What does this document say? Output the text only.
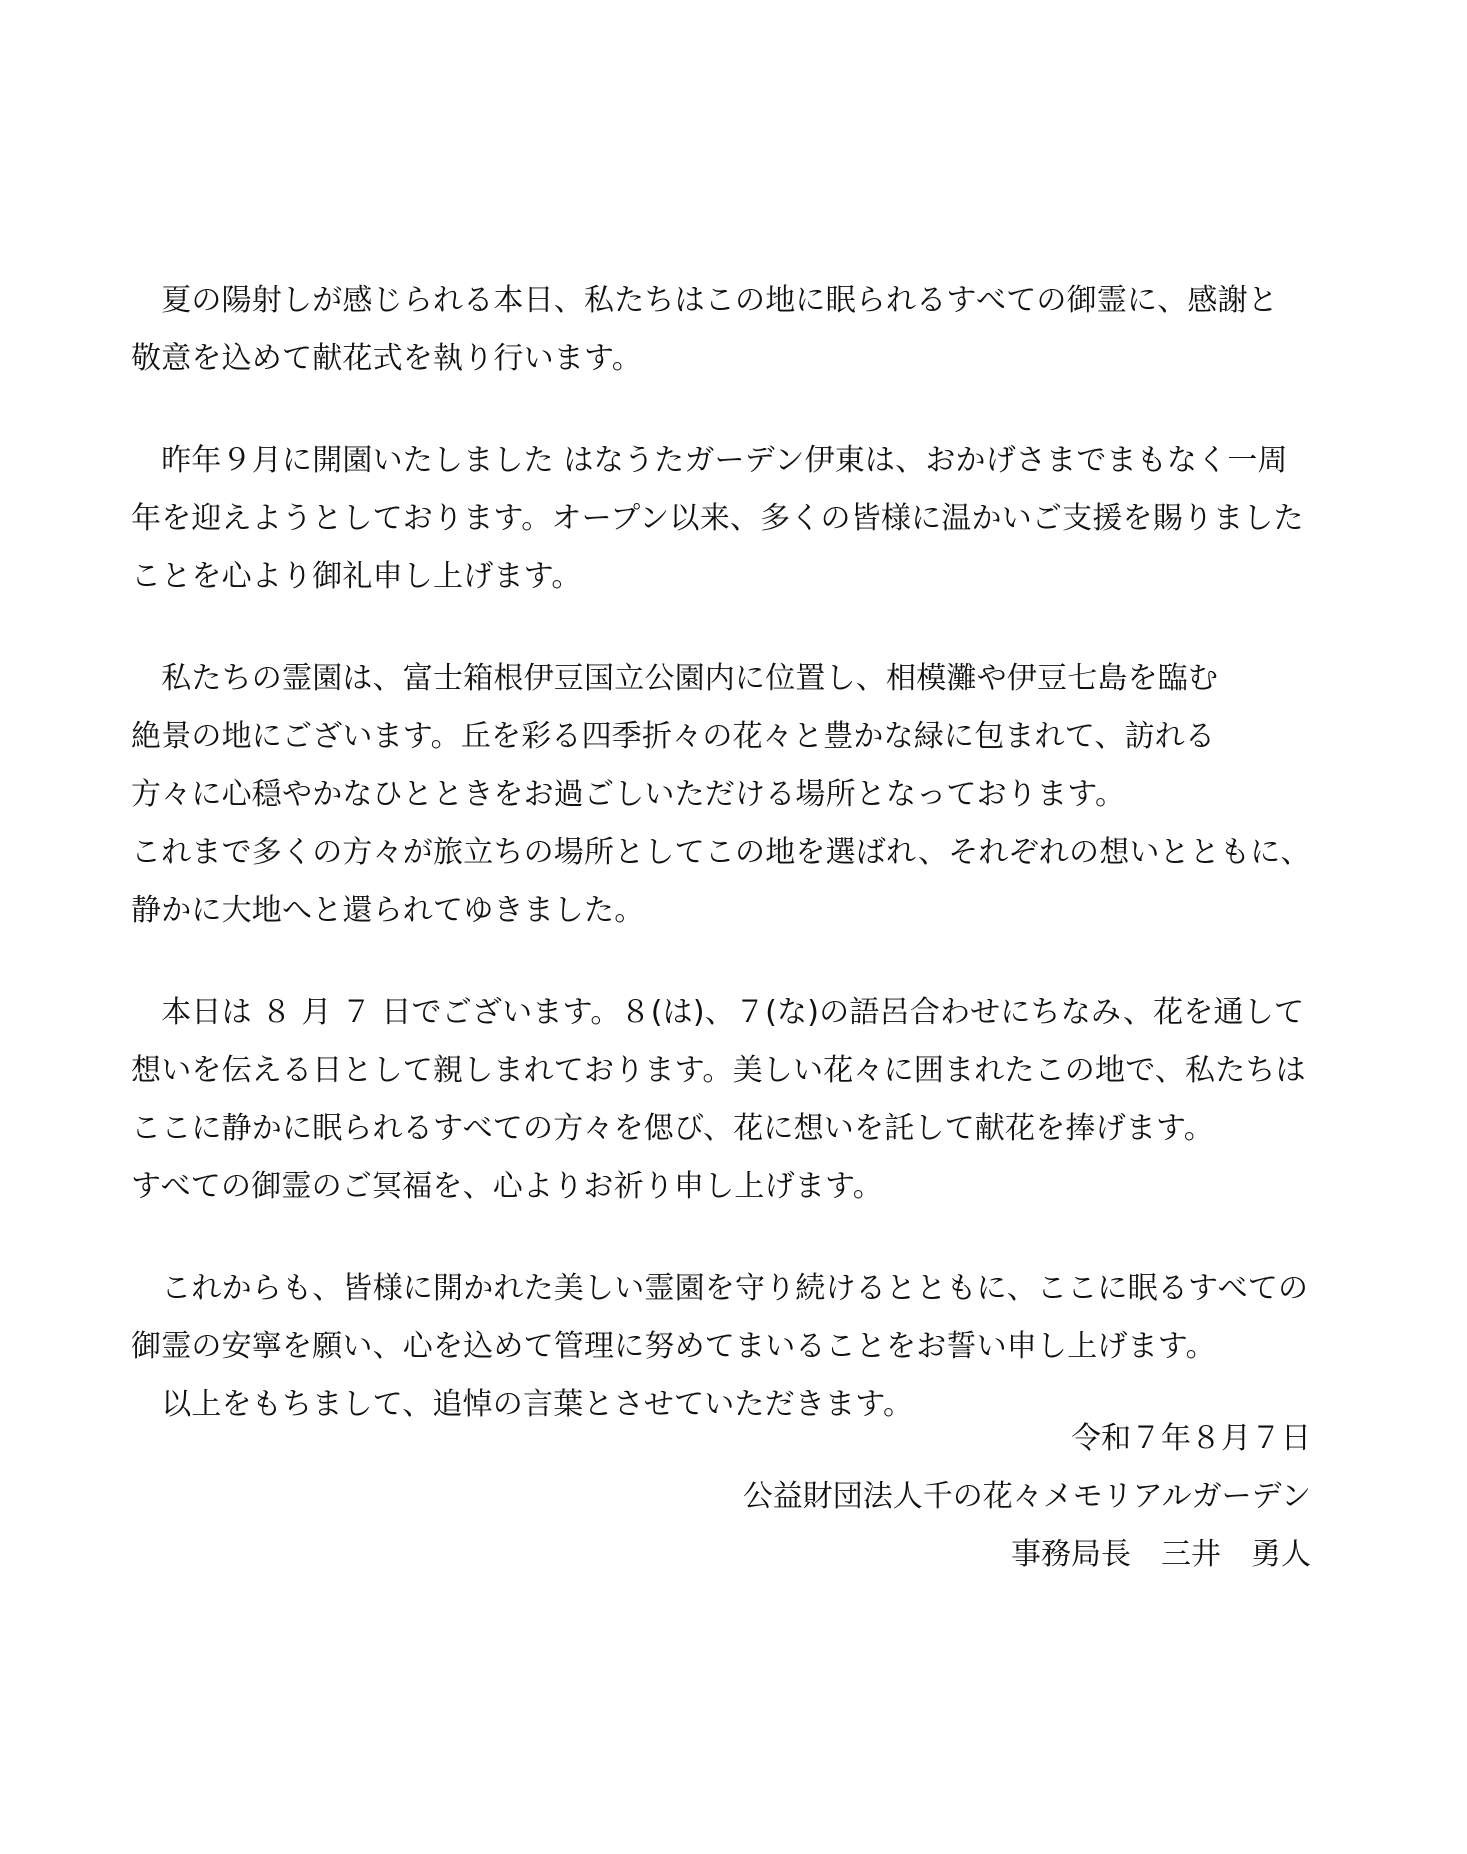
　夏の陽射しが感じられる本日、私たちはこの地に眠られるすべての御霊に、感謝と
敬意を込めて献花式を執り行います。
　昨年９月に開園いたしました はなうたガーデン伊東は、おかげさまでまもなく一周
年を迎えようとしております。オープン以来、多くの皆様に温かいご支援を賜りました
ことを心より御礼申し上げます。
　私たちの霊園は、富士箱根伊豆国立公園内に位置し、相模灘や伊豆七島を臨む
絶景の地にございます。丘を彩る四季折々の花々と豊かな緑に包まれて、訪れる
方々に心穏やかなひとときをお過ごしいただける場所となっております。
これまで多くの方々が旅立ちの場所としてこの地を選ばれ、それぞれの想いとともに、
静かに大地へと還られてゆきました。
　本日は ８ 月 ７ 日でございます。８(は)、７(な)の語呂合わせにちなみ、花を通して
想いを伝える日として親しまれております。美しい花々に囲まれたこの地で、私たちは
ここに静かに眠られるすべての方々を偲び、花に想いを託して献花を捧げます。
すべての御霊のご冥福を、心よりお祈り申し上げます。
　これからも、皆様に開かれた美しい霊園を守り続けるとともに、ここに眠るすべての
御霊の安寧を願い、心を込めて管理に努めてまいることをお誓い申し上げます。
　以上をもちまして、追悼の言葉とさせていただきます。
令和７年８月７日
公益財団法人千の花々メモリアルガーデン
事務局長　三井　勇人
